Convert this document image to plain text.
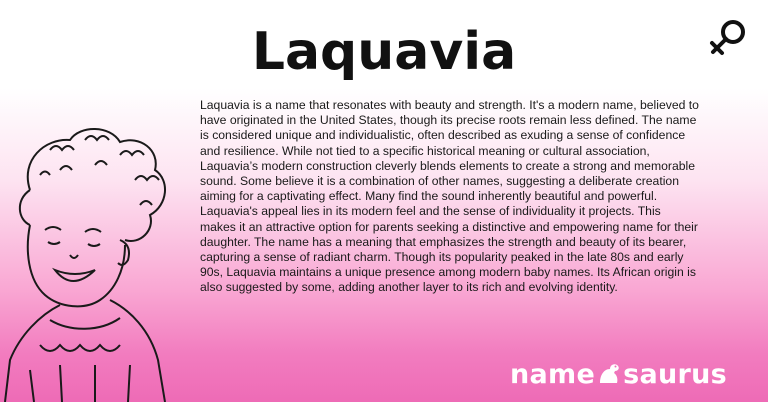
Laquavia

Laquavia is a name that resonates with beauty and strength. It's a modern name, believed to have originated in the United States, though its precise roots remain less defined. The name is considered unique and individualistic, often described as exuding a sense of confidence and resilience. While not tied to a specific historical meaning or cultural association, Laquavia’s modern construction cleverly blends elements to create a strong and memorable sound. Some believe it is a combination of other names, suggesting a deliberate creation aiming for a captivating effect. Many find the sound inherently beautiful and powerful. Laquavia's appeal lies in its modern feel and the sense of individuality it projects. This makes it an attractive option for parents seeking a distinctive and empowering name for their daughter. The name has a meaning that emphasizes the strength and beauty of its bearer, capturing a sense of radiant charm. Though its popularity peaked in the late 80s and early 90s, Laquavia maintains a unique presence among modern baby names. Its African origin is also suggested by some, adding another layer to its rich and evolving identity.

name saurus
